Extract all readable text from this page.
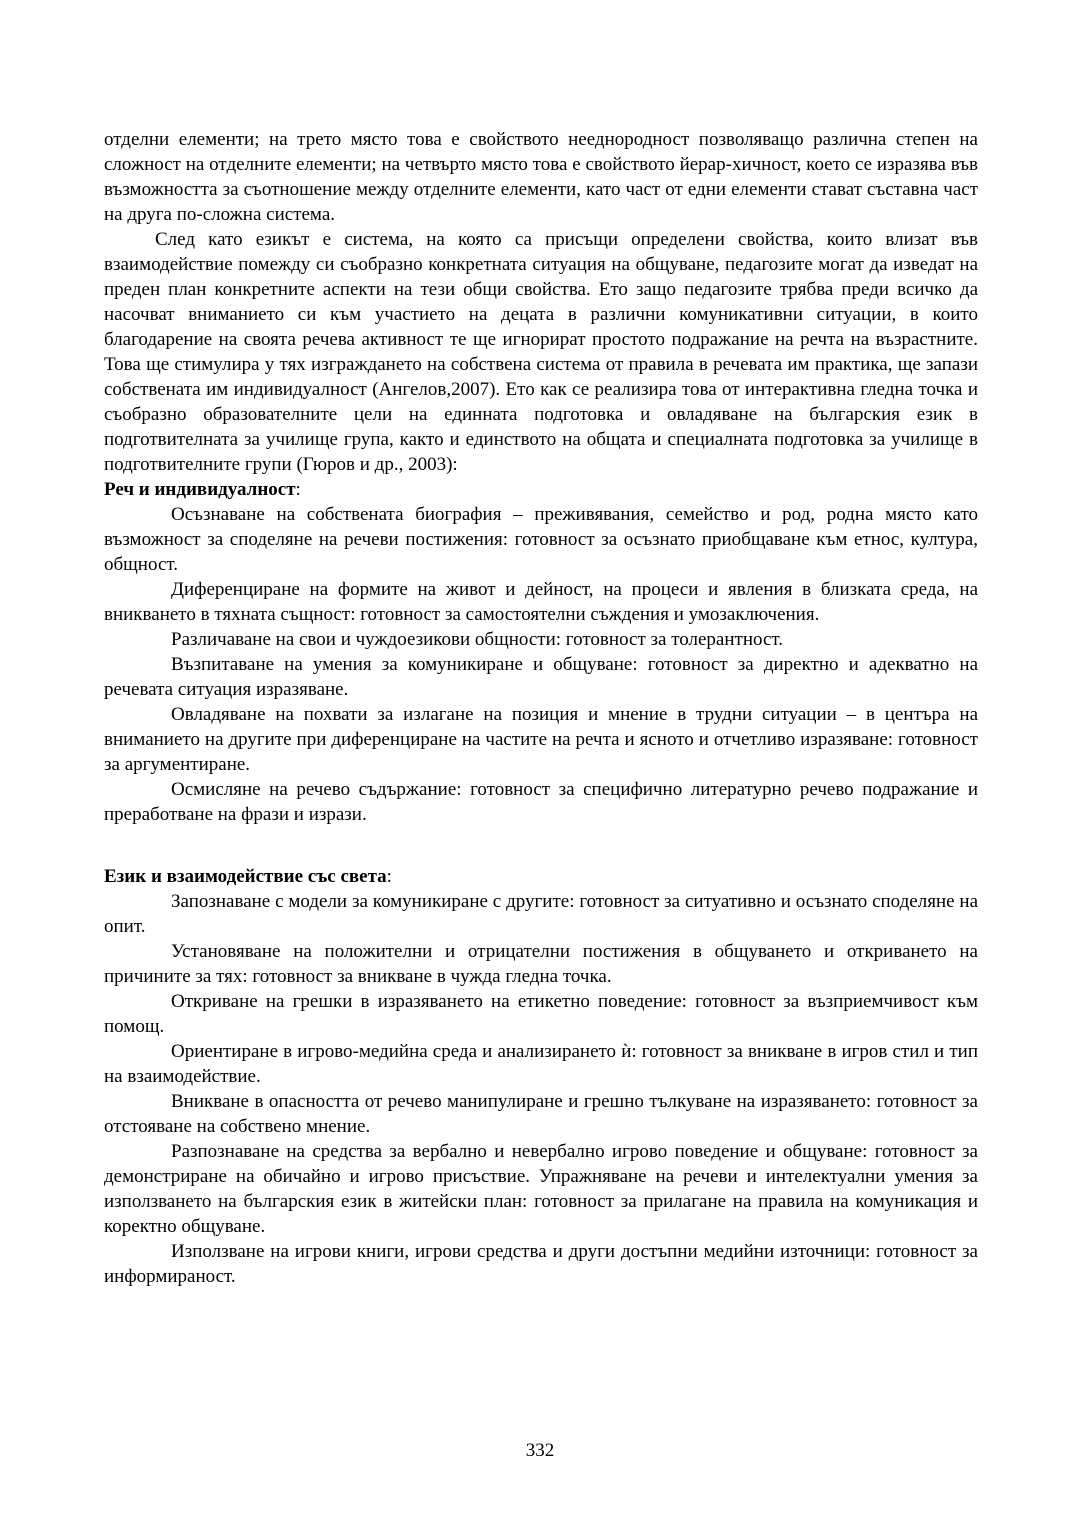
отделни елементи; на трето място това е свойството нееднородност позволяващо различна степен на сложност на отделните елементи; на четвърто място това е свойството йерар-хичност, което се изразява във възможността за съотношение между отделните елементи, като част от едни елементи стават съставна част на друга по-сложна система.

След като езикът е система, на която са присъщи определени свойства, които влизат във взаимодействие помежду си съобразно конкретната ситуация на общуване, педагозите могат да изведат на преден план конкретните аспекти на тези общи свойства. Ето защо педагозите трябва преди всичко да насочват вниманието си към участието на децата в различни комуникативни ситуации, в които благодарение на своята речева активност те ще игнорират простото подражание на речта на възрастните. Това ще стимулира у тях изграждането на собствена система от правила в речевата им практика, ще запази собствената им индивидуалност (Ангелов,2007). Ето как се реализира това от интерактивна гледна точка и съобразно образователните цели на единната подготовка и овладяване на българския език в подготвителната за училище група, както и единството на общата и специалната подготовка за училище в подготвителните групи (Гюров и др., 2003):

Реч и индивидуалност:

Осъзнаване на собствената биография – преживявания, семейство и род, родна място като възможност за споделяне на речеви постижения: готовност за осъзнато приобщаване към етнос, култура, общност.

Диференциране на формите на живот и дейност, на процеси и явления в близката среда, на вникването в тяхната същност: готовност за самостоятелни съждения и умозаключения.

Различаване на свои и чуждоезикови общности: готовност за толерантност.

Възпитаване на умения за комуникиране и общуване: готовност за директно и адекватно на речевата ситуация изразяване.

Овладяване на похвати за излагане на позиция и мнение в трудни ситуации – в центъра на вниманието на другите при диференциране на частите на речта и ясното и отчетливо изразяване: готовност за аргументиране.

Осмисляне на речево съдържание: готовност за специфично литературно речево подражание и преработване на фрази и изрази.

Език и взаимодействие със света:

Запознаване с модели за комуникиране с другите: готовност за ситуативно и осъзнато споделяне на опит.

Установяване на положителни и отрицателни постижения в общуването и откриването на причините за тях: готовност за вникване в чужда гледна точка.

Откриване на грешки в изразяването на етикетно поведение: готовност за възприемчивост към помощ.

Ориентиране в игрово-медийна среда и анализирането ѝ: готовност за вникване в игров стил и тип на взаимодействие.

Вникване в опасността от речево манипулиране и грешно тълкуване на изразяването: готовност за отстояване на собствено мнение.

Разпознаване на средства за вербално и невербално игрово поведение и общуване: готовност за демонстриране на обичайно и игрово присъствие. Упражняване на речеви и интелектуални умения за използването на българския език в житейски план: готовност за прилагане на правила на комуникация и коректно общуване.

Използване на игрови книги, игрови средства и други достъпни медийни източници: готовност за информираност.

332
